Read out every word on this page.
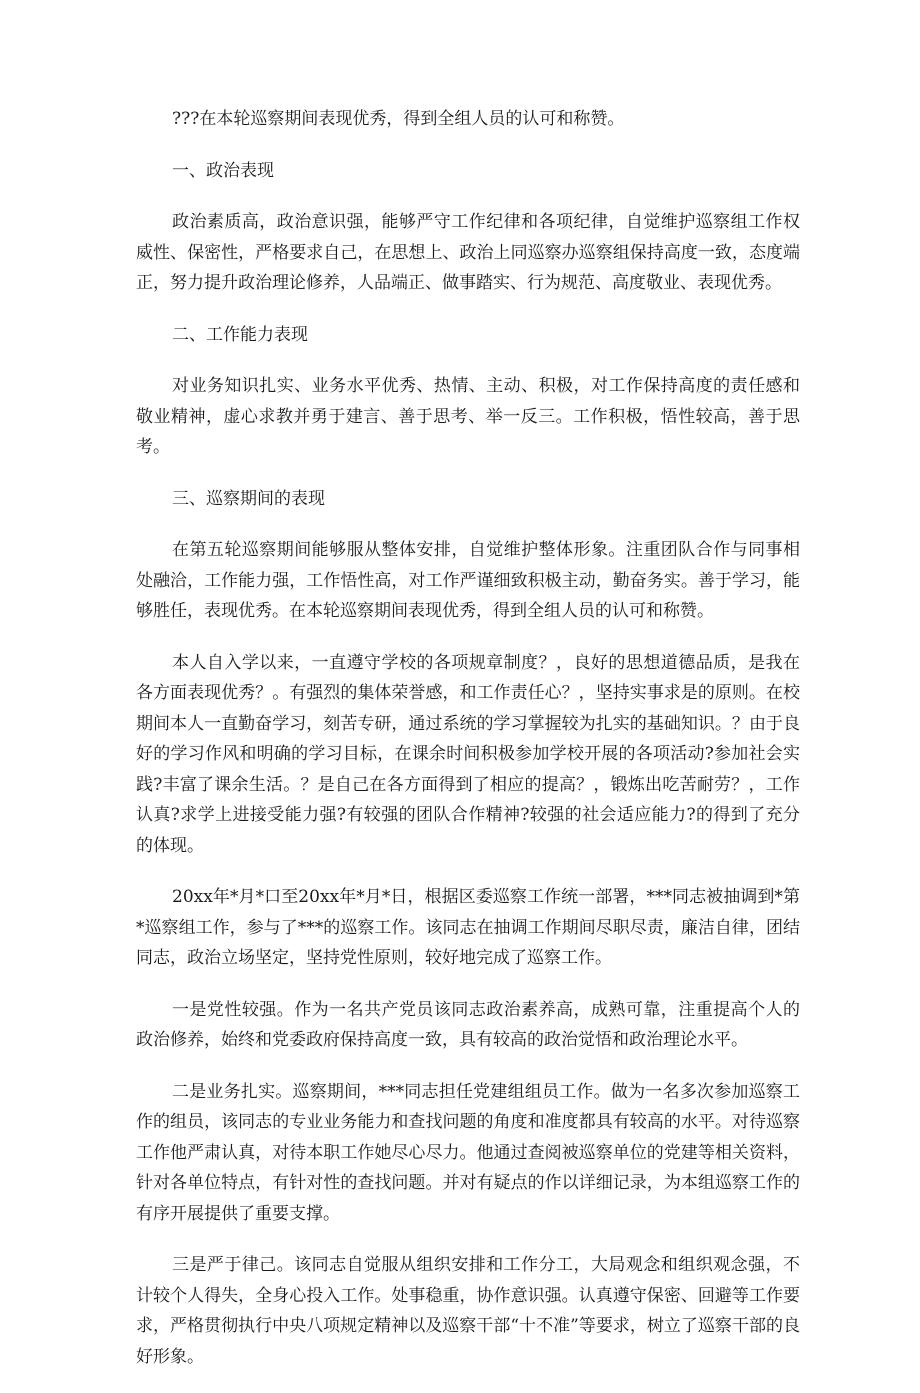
???在本轮巡察期间表现优秀，得到全组人员的认可和称赞。

一、政治表现

政治素质高，政治意识强，能够严守工作纪律和各项纪律，自觉维护巡察组工作权威性、保密性，严格要求自己，在思想上、政治上同巡察办巡察组保持高度一致，态度端正，努力提升政治理论修养，人品端正、做事踏实、行为规范、高度敬业、表现优秀。

二、工作能力表现

对业务知识扎实、业务水平优秀、热情、主动、积极，对工作保持高度的责任感和敬业精神，虚心求教并勇于建言、善于思考、举一反三。工作积极，悟性较高，善于思考。

三、巡察期间的表现

在第五轮巡察期间能够服从整体安排，自觉维护整体形象。注重团队合作与同事相处融洽，工作能力强，工作悟性高，对工作严谨细致积极主动，勤奋务实。善于学习，能够胜任，表现优秀。在本轮巡察期间表现优秀，得到全组人员的认可和称赞。

本人自入学以来，一直遵守学校的各项规章制度？，良好的思想道德品质，是我在各方面表现优秀？。有强烈的集体荣誉感，和工作责任心？，坚持实事求是的原则。在校期间本人一直勤奋学习，刻苦专研，通过系统的学习掌握较为扎实的基础知识。？由于良好的学习作风和明确的学习目标，在课余时间积极参加学校开展的各项活动?参加社会实践?丰富了课余生活。？是自己在各方面得到了相应的提高？，锻炼出吃苦耐劳？，工作认真?求学上进接受能力强?有较强的团队合作精神?较强的社会适应能力?的得到了充分的体现。

20xx年*月*口至20xx年*月*日，根据区委巡察工作统一部署，***同志被抽调到*第*巡察组工作，参与了***的巡察工作。该同志在抽调工作期间尽职尽责，廉洁自律，团结同志，政治立场坚定，坚持党性原则，较好地完成了巡察工作。

一是党性较强。作为一名共产党员该同志政治素养高，成熟可靠，注重提高个人的政治修养，始终和党委政府保持高度一致，具有较高的政治觉悟和政治理论水平。

二是业务扎实。巡察期间，***同志担任党建组组员工作。做为一名多次参加巡察工作的组员，该同志的专业业务能力和查找问题的角度和准度都具有较高的水平。对待巡察工作他严肃认真，对待本职工作她尽心尽力。他通过查阅被巡察单位的党建等相关资料，针对各单位特点，有针对性的查找问题。并对有疑点的作以详细记录，为本组巡察工作的有序开展提供了重要支撑。

三是严于律己。该同志自觉服从组织安排和工作分工，大局观念和组织观念强，不计较个人得失，全身心投入工作。处事稳重，协作意识强。认真遵守保密、回避等工作要求，严格贯彻执行中央八项规定精神以及巡察干部“十不准”等要求，树立了巡察干部的良好形象。
